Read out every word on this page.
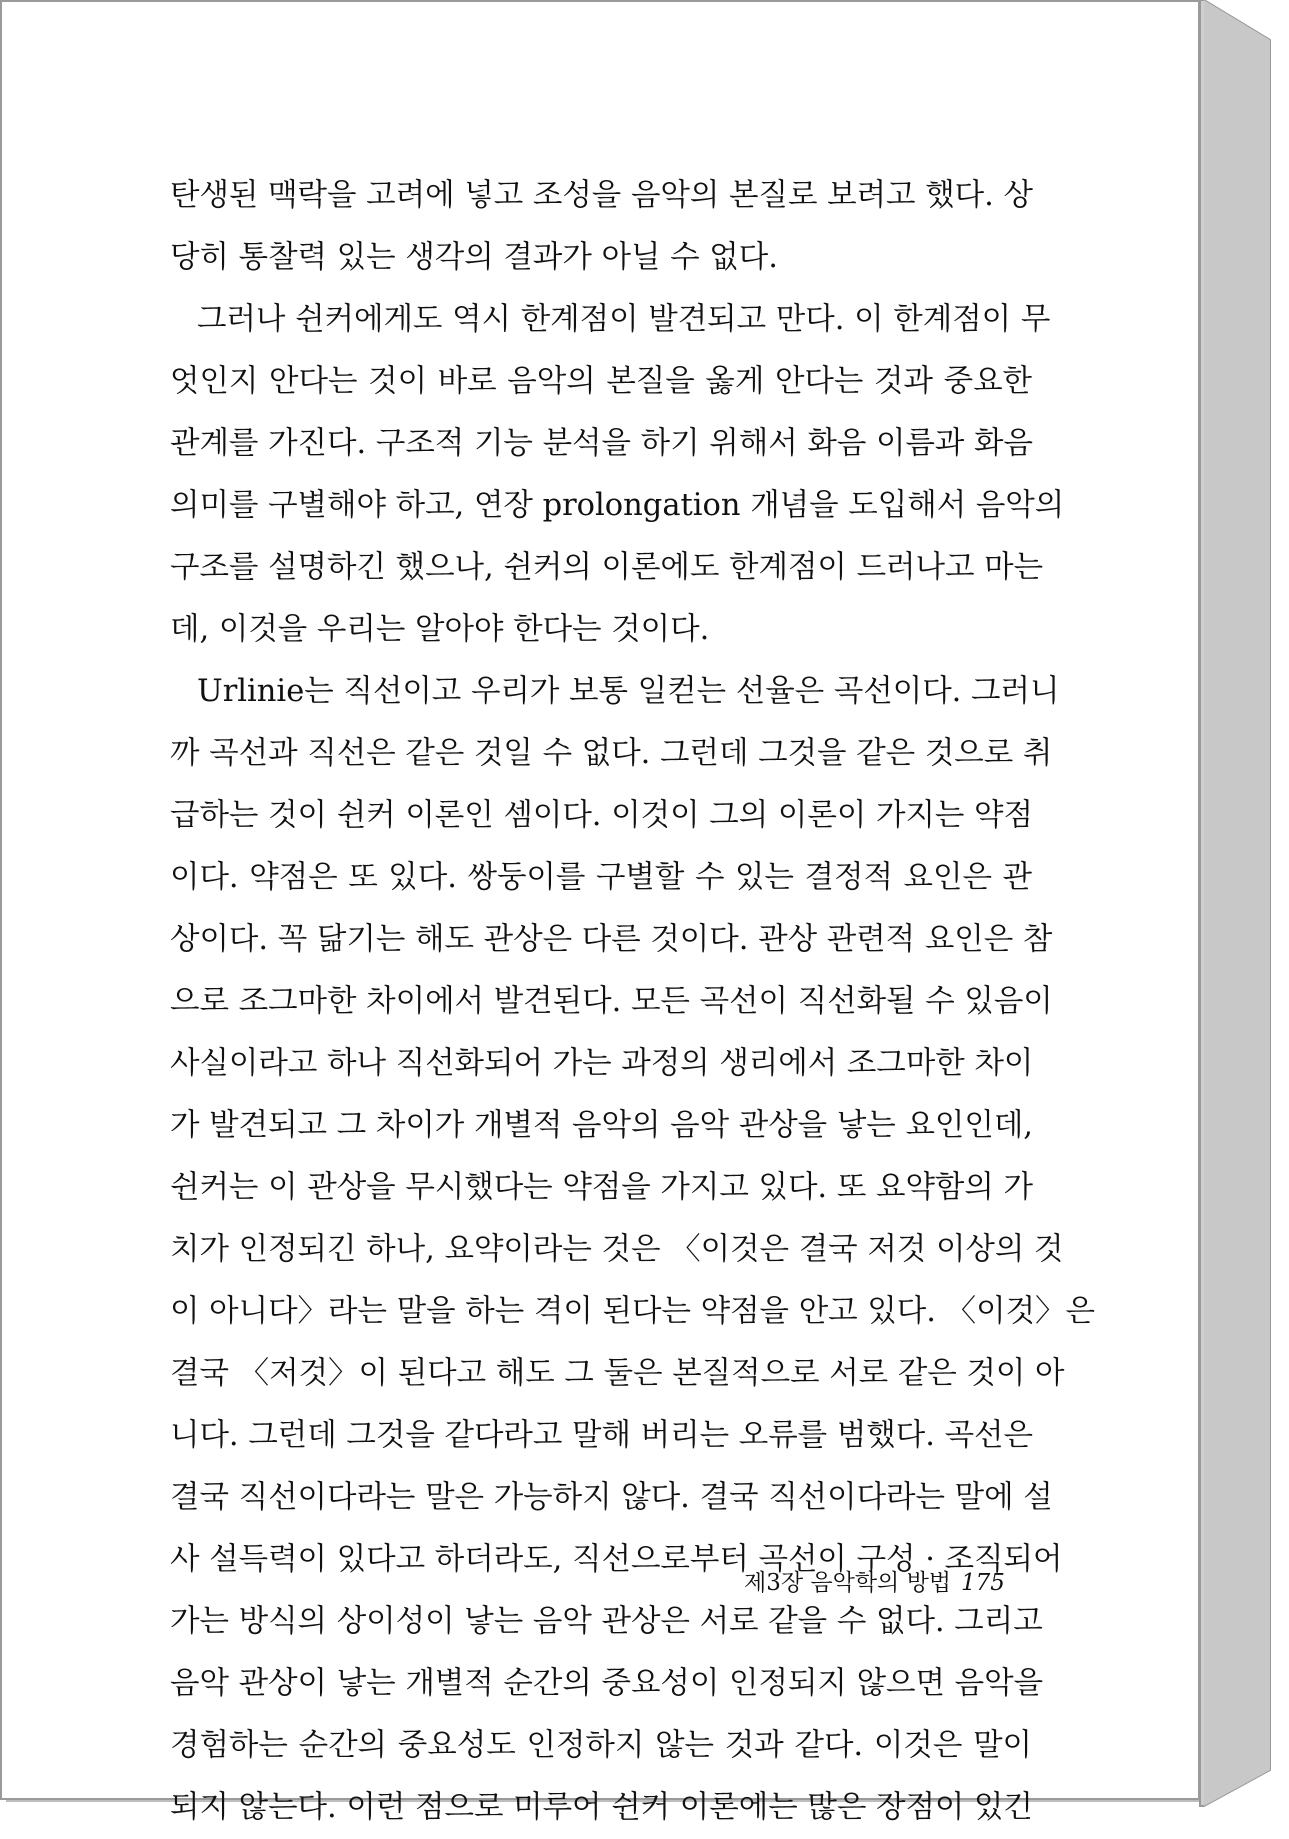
탄생된 맥락을 고려에 넣고 조성을 음악의 본질로 보려고 했다. 상
당히 통찰력 있는 생각의 결과가 아닐 수 없다.
그러나 쉰커에게도 역시 한계점이 발견되고 만다. 이 한계점이 무
엇인지 안다는 것이 바로 음악의 본질을 옳게 안다는 것과 중요한
관계를 가진다. 구조적 기능 분석을 하기 위해서 화음 이름과 화음
의미를 구별해야 하고, 연장 prolongation 개념을 도입해서 음악의
구조를 설명하긴 했으나, 쉰커의 이론에도 한계점이 드러나고 마는
데, 이것을 우리는 알아야 한다는 것이다.
Urlinie는 직선이고 우리가 보통 일컫는 선율은 곡선이다. 그러니
까 곡선과 직선은 같은 것일 수 없다. 그런데 그것을 같은 것으로 취
급하는 것이 쉰커 이론인 셈이다. 이것이 그의 이론이 가지는 약점
이다. 약점은 또 있다. 쌍둥이를 구별할 수 있는 결정적 요인은 관
상이다. 꼭 닮기는 해도 관상은 다른 것이다. 관상 관련적 요인은 참
으로 조그마한 차이에서 발견된다. 모든 곡선이 직선화될 수 있음이
사실이라고 하나 직선화되어 가는 과정의 생리에서 조그마한 차이
가 발견되고 그 차이가 개별적 음악의 음악 관상을 낳는 요인인데,
쉰커는 이 관상을 무시했다는 약점을 가지고 있다. 또 요약함의 가
치가 인정되긴 하나, 요약이라는 것은 〈이것은 결국 저것 이상의 것
이 아니다〉라는 말을 하는 격이 된다는 약점을 안고 있다. 〈이것〉은
결국 〈저것〉이 된다고 해도 그 둘은 본질적으로 서로 같은 것이 아
니다. 그런데 그것을 같다라고 말해 버리는 오류를 범했다. 곡선은
결국 직선이다라는 말은 가능하지 않다. 결국 직선이다라는 말에 설
사 설득력이 있다고 하더라도, 직선으로부터 곡선이 구성 · 조직되어
가는 방식의 상이성이 낳는 음악 관상은 서로 같을 수 없다. 그리고
음악 관상이 낳는 개별적 순간의 중요성이 인정되지 않으면 음악을
경험하는 순간의 중요성도 인정하지 않는 것과 같다. 이것은 말이
되지 않는다. 이런 점으로 미루어 쉰커 이론에는 많은 장점이 있긴
제3장 음악학의 방법 175
